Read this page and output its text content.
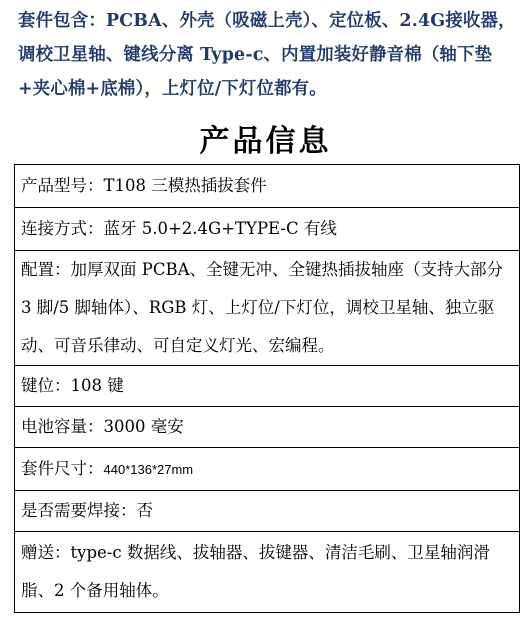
套件包含：PCBA、外壳（吸磁上壳）、定位板、2.4G接收器，调校卫星轴、键线分离 Type-c、内置加装好静音棉（轴下垫+夹心棉+底棉），上灯位/下灯位都有。
产品信息
产品型号：T108 三模热插拔套件
连接方式：蓝牙 5.0+2.4G+TYPE-C 有线
配置：加厚双面 PCBA、全键无冲、全键热插拔轴座（支持大部分 3 脚/5 脚轴体）、RGB 灯、上灯位/下灯位，调校卫星轴、独立驱动、可音乐律动、可自定义灯光、宏编程。
键位：108 键
电池容量：3000 毫安
套件尺寸：440*136*27mm
是否需要焊接：否
赠送：type-c 数据线、拔轴器、拔键器、清洁毛刷、卫星轴润滑脂、2 个备用轴体。
